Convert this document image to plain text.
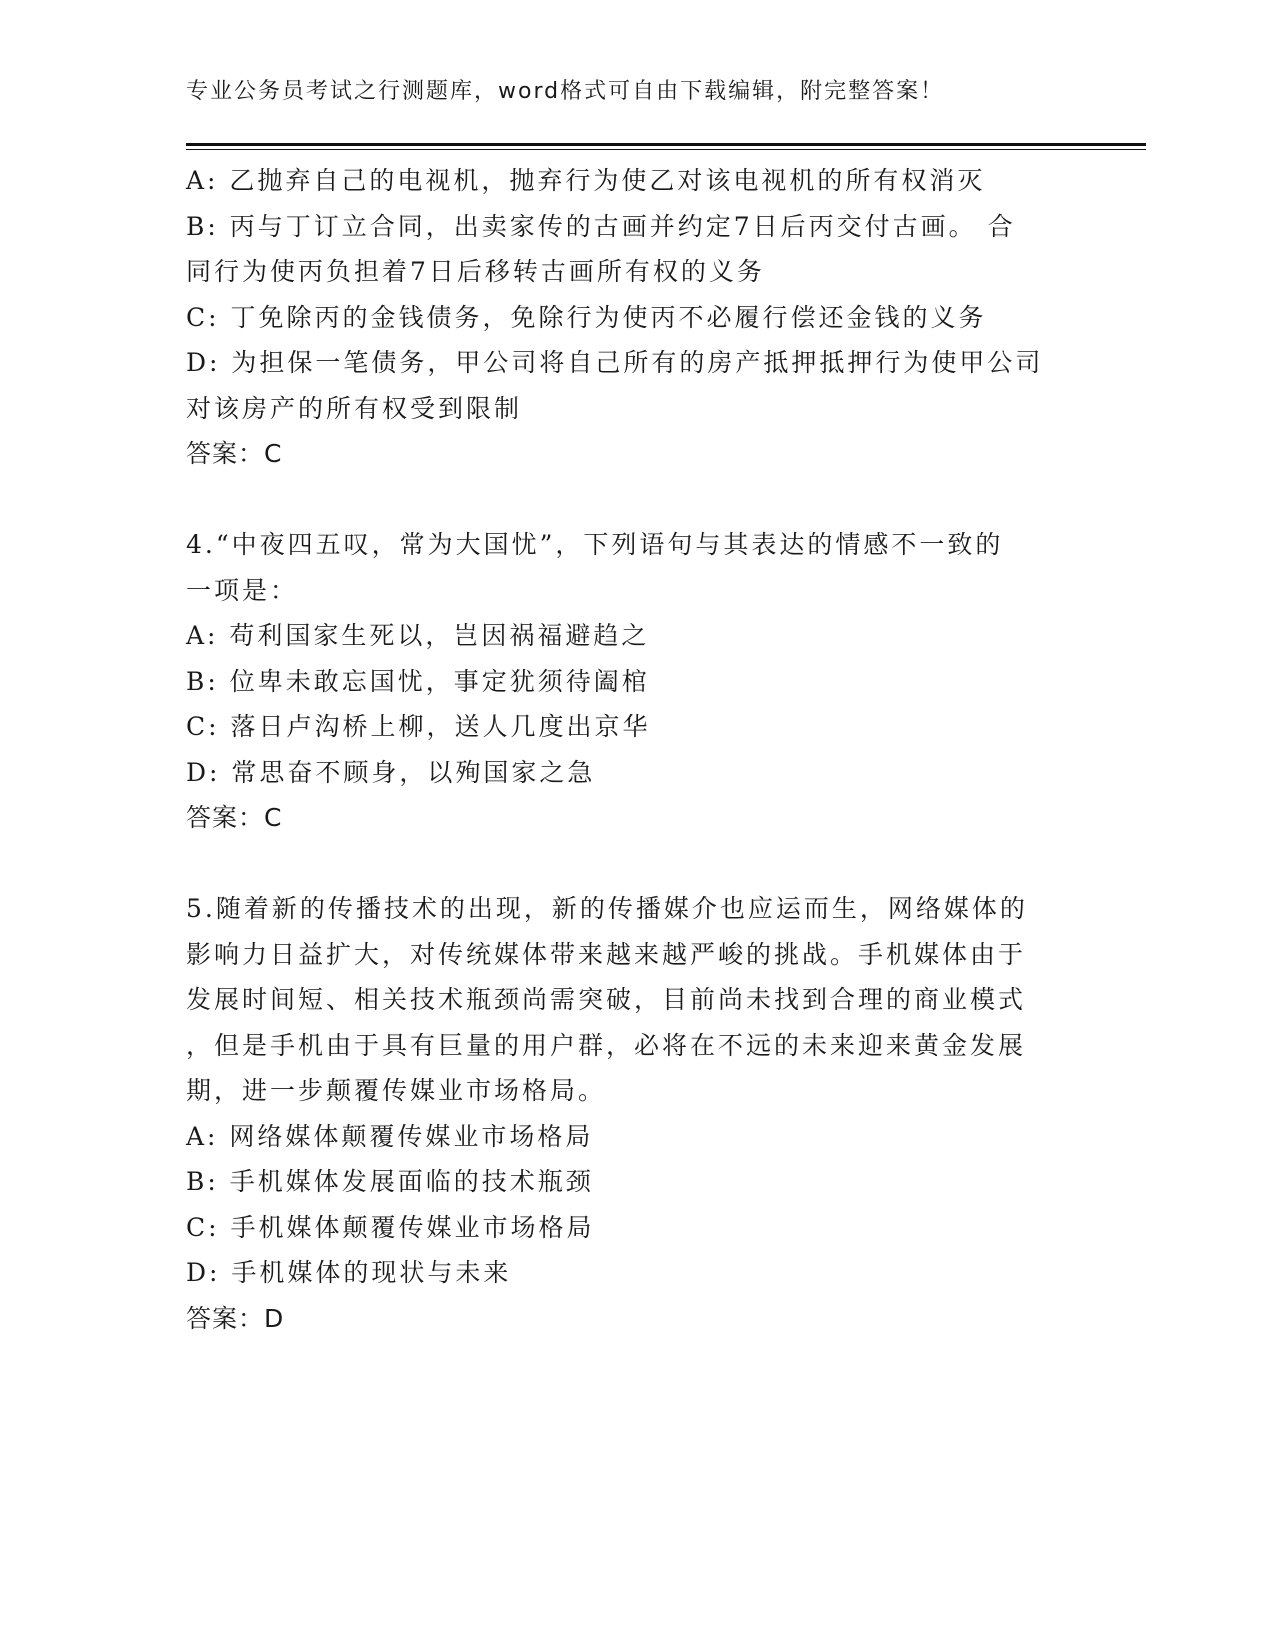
专业公务员考试之行测题库，word格式可自由下载编辑，附完整答案！
A: 乙抛弃自己的电视机，抛弃行为使乙对该电视机的所有权消灭
B: 丙与丁订立合同，出卖家传的古画并约定7日后丙交付古画。 合
同行为使丙负担着7日后移转古画所有权的义务
C: 丁免除丙的金钱债务，免除行为使丙不必履行偿还金钱的义务
D: 为担保一笔债务，甲公司将自己所有的房产抵押抵押行为使甲公司
对该房产的所有权受到限制
答案：C
4.“中夜四五叹，常为大国忧”，下列语句与其表达的情感不一致的
一项是：
A: 苟利国家生死以，岂因祸福避趋之
B: 位卑未敢忘国忧，事定犹须待阖棺
C: 落日卢沟桥上柳，送人几度出京华
D: 常思奋不顾身，以殉国家之急
答案：C
5.随着新的传播技术的出现，新的传播媒介也应运而生，网络媒体的
影响力日益扩大，对传统媒体带来越来越严峻的挑战。手机媒体由于
发展时间短、相关技术瓶颈尚需突破，目前尚未找到合理的商业模式
，但是手机由于具有巨量的用户群，必将在不远的未来迎来黄金发展
期，进一步颠覆传媒业市场格局。
A: 网络媒体颠覆传媒业市场格局
B: 手机媒体发展面临的技术瓶颈
C: 手机媒体颠覆传媒业市场格局
D: 手机媒体的现状与未来
答案：D
